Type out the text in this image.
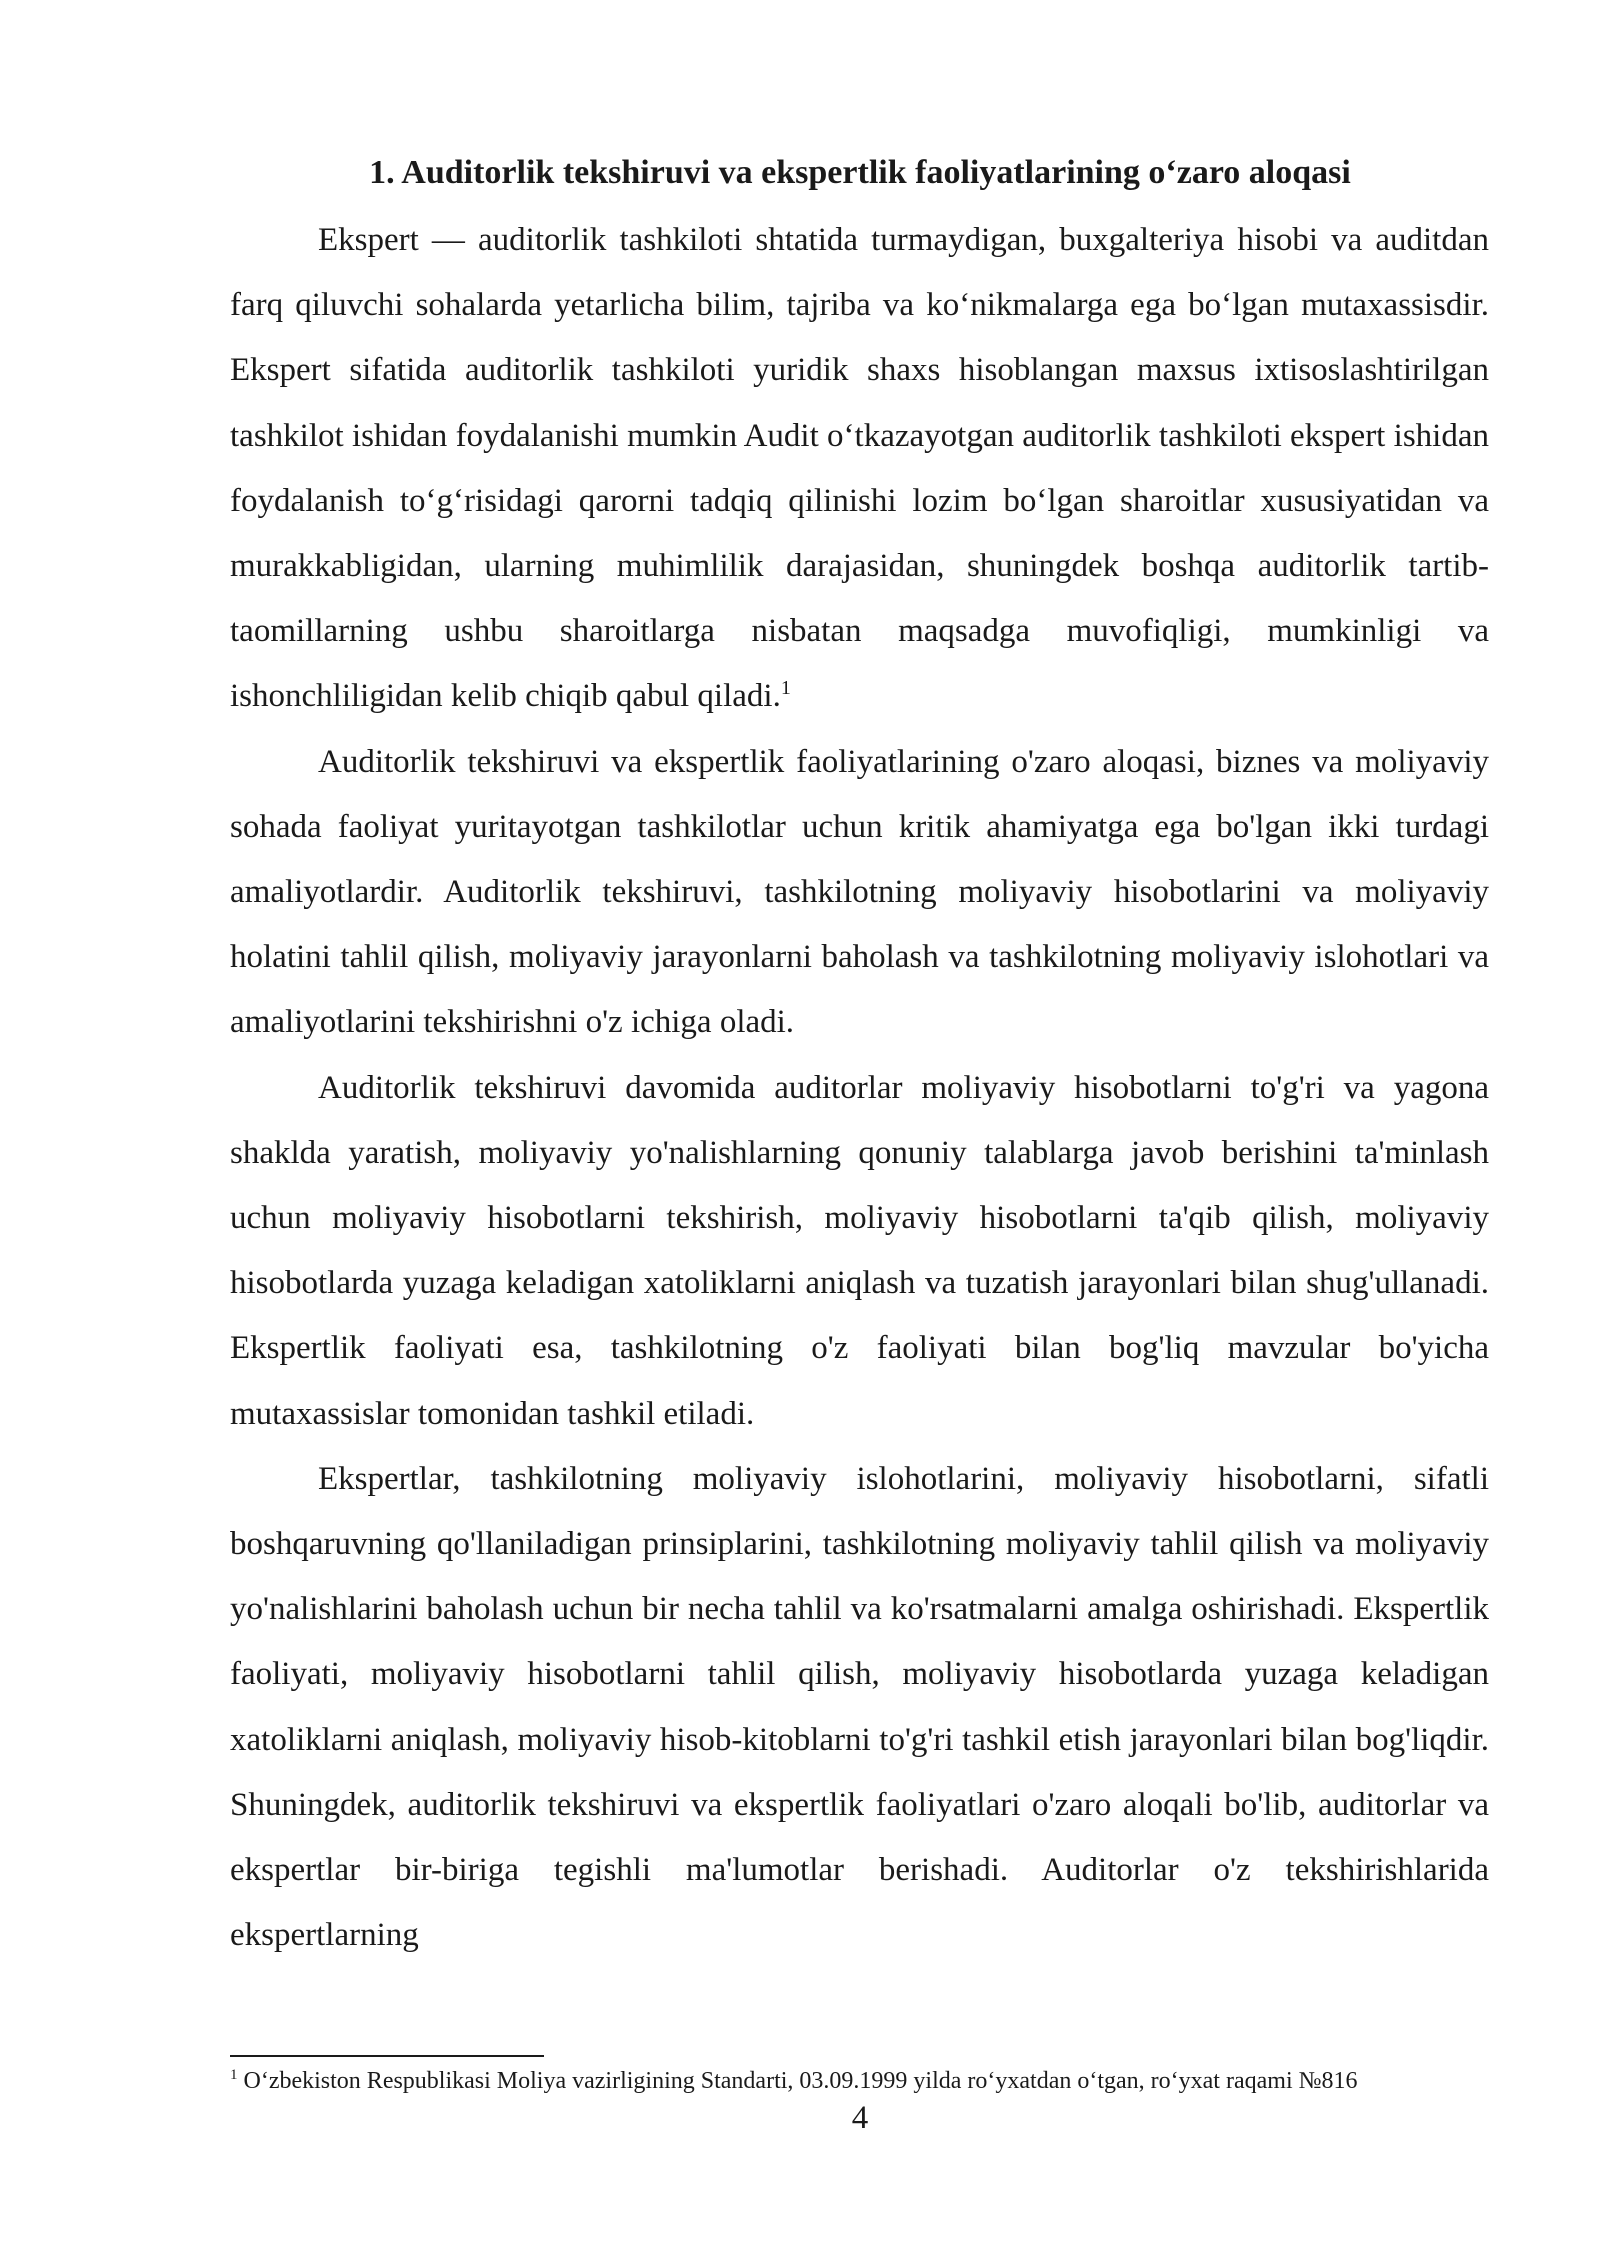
1. Auditorlik tekshiruvi va ekspertlik faoliyatlarining o‘zaro aloqasi

Ekspert — auditorlik tashkiloti shtatida turmaydigan, buxgalteriya hisobi va auditdan farq qiluvchi sohalarda yetarlicha bilim, tajriba va ko‘nikmalarga ega bo‘lgan mutaxassisdir. Ekspert sifatida auditorlik tashkiloti yuridik shaxs hisoblangan maxsus ixtisoslashtirilgan tashkilot ishidan foydalanishi mumkin Audit o‘tkazayotgan auditorlik tashkiloti ekspert ishidan foydalanish to‘g‘risidagi qarorni tadqiq qilinishi lozim bo‘lgan sharoitlar xususiyatidan va murakkabligidan, ularning muhimlilik darajasidan, shuningdek boshqa auditorlik tartib-taomillarning ushbu sharoitlarga nisbatan maqsadga muvofiqligi, mumkinligi va ishonchliligidan kelib chiqib qabul qiladi.$^1$

Auditorlik tekshiruvi va ekspertlik faoliyatlarining o'zaro aloqasi, biznes va moliyaviy sohada faoliyat yuritayotgan tashkilotlar uchun kritik ahamiyatga ega bo'lgan ikki turdagi amaliyotlardir. Auditorlik tekshiruvi, tashkilotning moliyaviy hisobotlarini va moliyaviy holatini tahlil qilish, moliyaviy jarayonlarni baholash va tashkilotning moliyaviy islohotlari va amaliyotlarini tekshirishni o'z ichiga oladi.

Auditorlik tekshiruvi davomida auditorlar moliyaviy hisobotlarni to'g'ri va yagona shaklda yaratish, moliyaviy yo'nalishlarning qonuniy talablarga javob berishini ta'minlash uchun moliyaviy hisobotlarni tekshirish, moliyaviy hisobotlarni ta'qib qilish, moliyaviy hisobotlarda yuzaga keladigan xatoliklarni aniqlash va tuzatish jarayonlari bilan shug'ullanadi. Ekspertlik faoliyati esa, tashkilotning o'z faoliyati bilan bog'liq mavzular bo'yicha mutaxassislar tomonidan tashkil etiladi.

Ekspertlar, tashkilotning moliyaviy islohotlarini, moliyaviy hisobotlarni, sifatli boshqaruvning qo'llaniladigan prinsiplarini, tashkilotning moliyaviy tahlil qilish va moliyaviy yo'nalishlarini baholash uchun bir necha tahlil va ko'rsatmalarni amalga oshirishadi. Ekspertlik faoliyati, moliyaviy hisobotlarni tahlil qilish, moliyaviy hisobotlarda yuzaga keladigan xatoliklarni aniqlash, moliyaviy hisob-kitoblarni to'g'ri tashkil etish jarayonlari bilan bog'liqdir. Shuningdek, auditorlik tekshiruvi va ekspertlik faoliyatlari o'zaro aloqali bo'lib, auditorlar va ekspertlar bir-biriga tegishli ma'lumotlar berishadi. Auditorlar o'z tekshirishlarida ekspertlarning

$^1$ O‘zbekiston Respublikasi Moliya vazirligining Standarti, 03.09.1999 yilda ro‘yxatdan o‘tgan, ro‘yxat raqami №816
4
